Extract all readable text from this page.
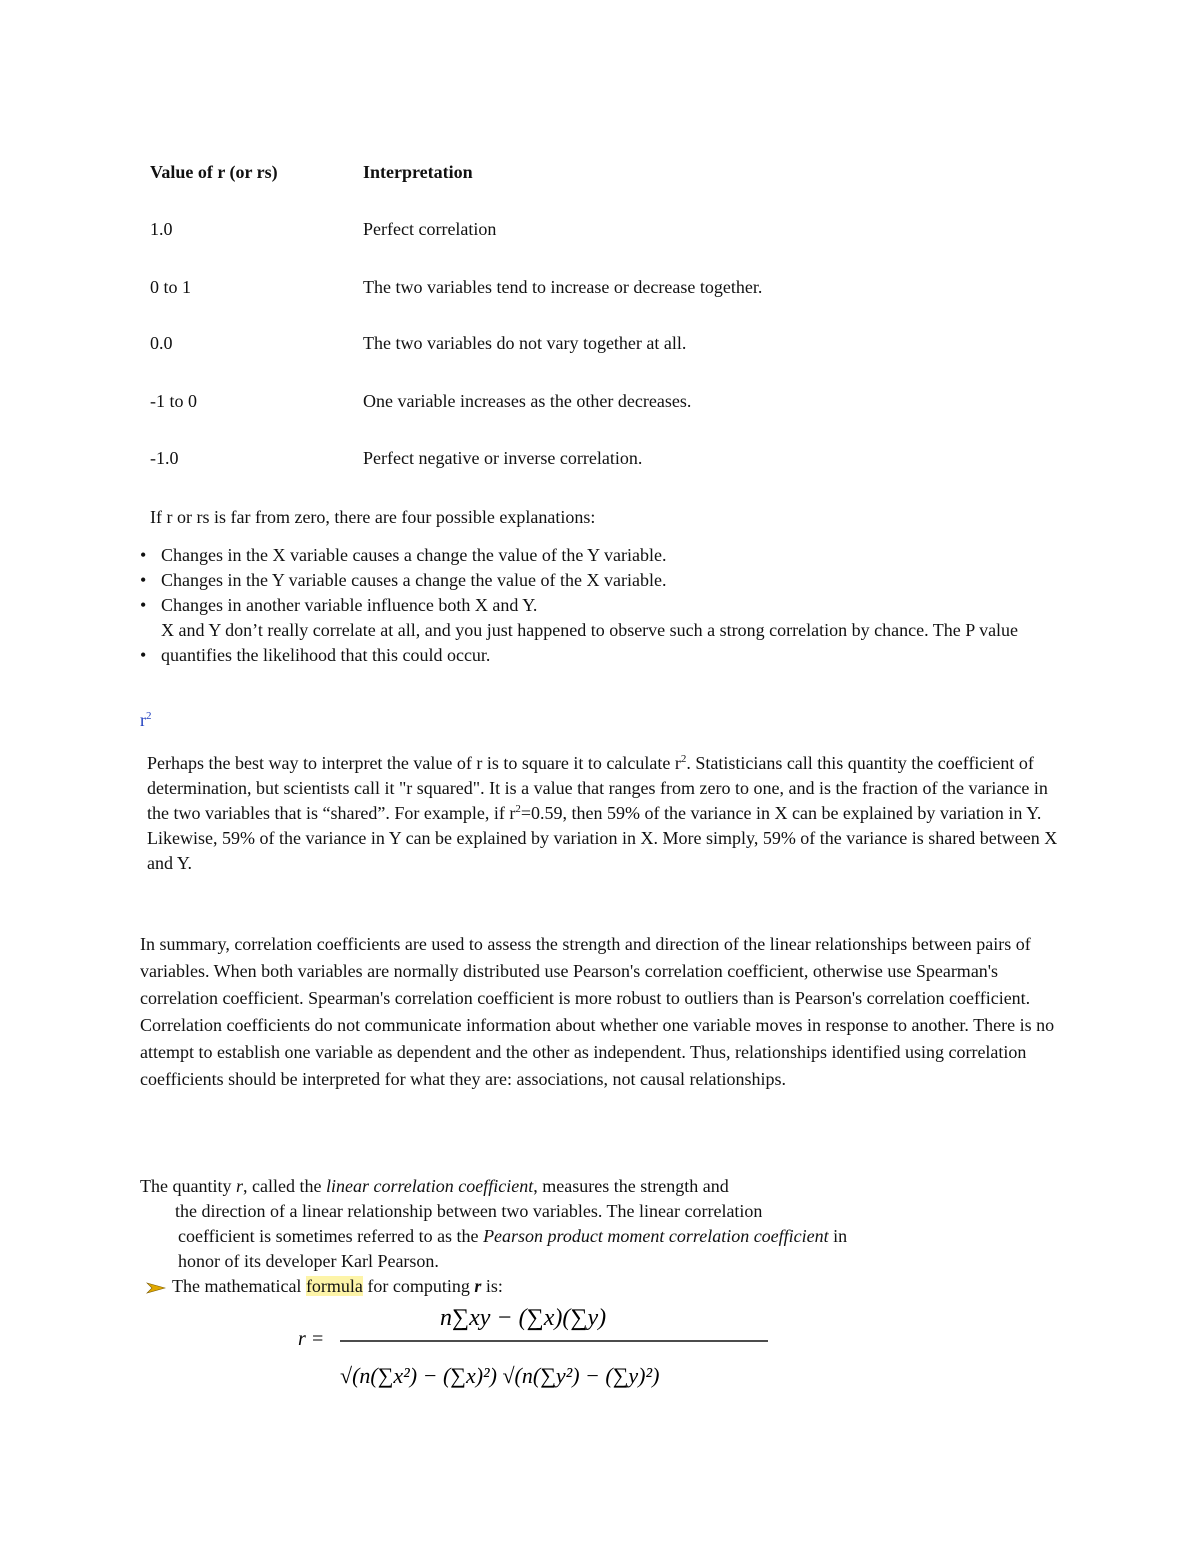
Value of r (or rs)	Interpretation
1.0	Perfect correlation
0 to 1	The two variables tend to increase or decrease together.
0.0	The two variables do not vary together at all.
-1 to 0	One variable increases as the other decreases.
-1.0	Perfect negative or inverse correlation.
If r or rs is far from zero, there are four possible explanations:
• Changes in the X variable causes a change the value of the Y variable.
• Changes in the Y variable causes a change the value of the X variable.
• Changes in another variable influence both X and Y.
•
X and Y don’t really correlate at all, and you just happened to observe such a strong correlation by chance. The P value quantifies the likelihood that this could occur.
$r^2$
Perhaps the best way to interpret the value of r is to square it to calculate $r^2$. Statisticians call this quantity the coefficient of determination, but scientists call it "r squared". It is a value that ranges from zero to one, and is the fraction of the variance in the two variables that is “shared”. For example, if $r^2=0.59$, then 59% of the variance in X can be explained by variation in Y. Likewise, 59% of the variance in Y can be explained by variation in X. More simply, 59% of the variance is shared between X and Y.
In summary, correlation coefficients are used to assess the strength and direction of the linear relationships between pairs of variables. When both variables are normally distributed use Pearson's correlation coefficient, otherwise use Spearman's correlation coefficient. Spearman's correlation coefficient is more robust to outliers than is Pearson's correlation coefficient. Correlation coefficients do not communicate information about whether one variable moves in response to another. There is no attempt to establish one variable as dependent and the other as independent. Thus, relationships identified using correlation coefficients should be interpreted for what they are: associations, not causal relationships.
The quantity r, called the linear correlation coefficient, measures the strength and
the direction of a linear relationship between two variables. The linear correlation
coefficient is sometimes referred to as the Pearson product moment correlation coefficient in
honor of its developer Karl Pearson.
The mathematical formula for computing r is:
r =
n∑xy − (∑x)(∑y)
√(n(∑x²) − (∑x)²) √(n(∑y²) − (∑y)²)
